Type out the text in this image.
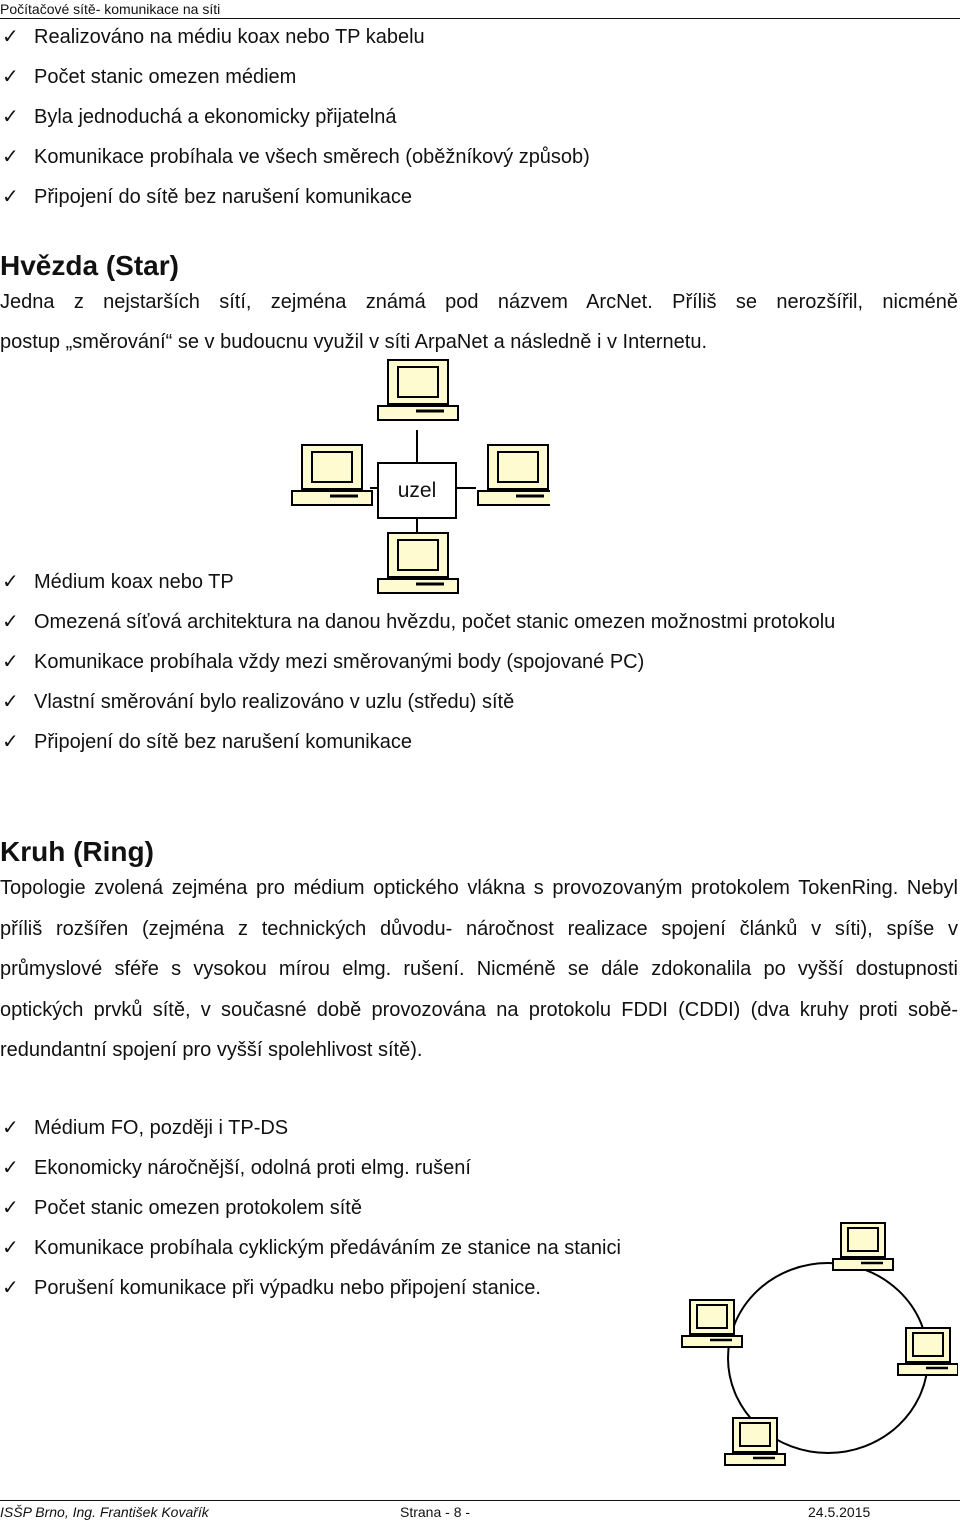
Počítačové sítě- komunikace na síti
✓ Realizováno na médiu koax nebo TP kabelu
✓ Počet stanic omezen médiem
✓ Byla jednoduchá a ekonomicky přijatelná
✓ Komunikace probíhala ve všech směrech (oběžníkový způsob)
✓ Připojení do sítě bez narušení komunikace
Hvězda (Star)

Jednа z nejstarších sítí, zejména známá pod názvem ArcNet. Příliš se nerozšířil, nicméně

postup „směrování“ se v budoucnu využil v síti ArpaNet a následně i v Internetu.

uzel
✓ Médium koax nebo TP
✓ Omezená síťová architektura na danou hvězdu, počet stanic omezen možnostmi protokolu
✓ Komunikace probíhala vždy mezi směrovanými body (spojované PC)
✓ Vlastní směrování bylo realizováno v uzlu (středu) sítě
✓ Připojení do sítě bez narušení komunikace
Kruh (Ring)

Topologie zvolená zejména pro médium optického vlákna s provozovaným protokolem TokenRing. Nebyl příliš rozšířen (zejména z technických důvodu- náročnost realizace spojení článků v síti), spíše v průmyslové sféře s vysokou mírou elmg. rušení. Nicméně se dále zdokonalila po vyšší dostupnosti optických prvků sítě, v současné době provozována na protokolu FDDI (CDDI) (dva kruhy proti sobě- redundantní spojení pro vyšší spolehlivost sítě).

✓ Médium FO, později i TP-DS
✓ Ekonomicky náročnější, odolná proti elmg. rušení
✓ Počet stanic omezen protokolem sítě
✓ Komunikace probíhala cyklickým předáváním ze stanice na stanici
✓ Porušení komunikace při výpadku nebo připojení stanice.
ISŠP Brno, Ing. František Kovařík	Strana - 8 -	24.5.2015
